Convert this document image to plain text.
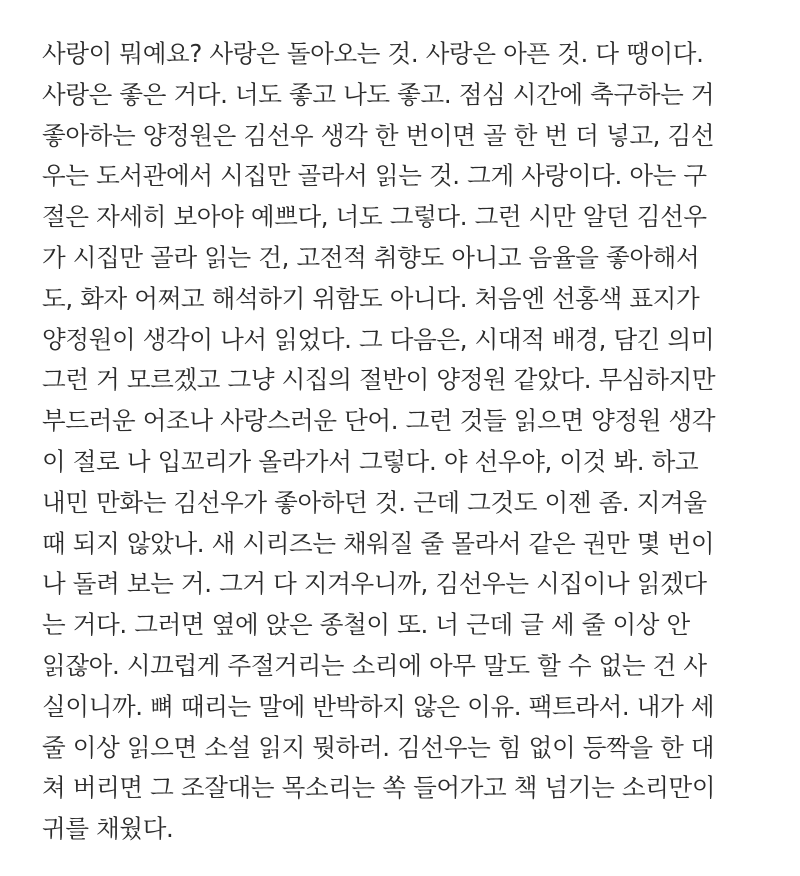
사랑이 뭐예요? 사랑은 돌아오는 것. 사랑은 아픈 것. 다 땡이다.
사랑은 좋은 거다. 너도 좋고 나도 좋고. 점심 시간에 축구하는 거
좋아하는 양정원은 김선우 생각 한 번이면 골 한 번 더 넣고, 김선
우는 도서관에서 시집만 골라서 읽는 것. 그게 사랑이다. 아는 구
절은 자세히 보아야 예쁘다, 너도 그렇다. 그런 시만 알던 김선우
가 시집만 골라 읽는 건, 고전적 취향도 아니고 음율을 좋아해서
도, 화자 어쩌고 해석하기 위함도 아니다. 처음엔 선홍색 표지가
양정원이 생각이 나서 읽었다. 그 다음은, 시대적 배경, 담긴 의미
그런 거 모르겠고 그냥 시집의 절반이 양정원 같았다. 무심하지만
부드러운 어조나 사랑스러운 단어. 그런 것들 읽으면 양정원 생각
이 절로 나 입꼬리가 올라가서 그렇다. 야 선우야, 이것 봐. 하고
내민 만화는 김선우가 좋아하던 것. 근데 그것도 이젠 좀. 지겨울
때 되지 않았나. 새 시리즈는 채워질 줄 몰라서 같은 권만 몇 번이
나 돌려 보는 거. 그거 다 지겨우니까, 김선우는 시집이나 읽겠다
는 거다. 그러면 옆에 앉은 종철이 또. 너 근데 글 세 줄 이상 안
읽잖아. 시끄럽게 주절거리는 소리에 아무 말도 할 수 없는 건 사
실이니까. 뼈 때리는 말에 반박하지 않은 이유. 팩트라서. 내가 세
줄 이상 읽으면 소설 읽지 뭣하러. 김선우는 힘 없이 등짝을 한 대
쳐 버리면 그 조잘대는 목소리는 쏙 들어가고 책 넘기는 소리만이
귀를 채웠다.
